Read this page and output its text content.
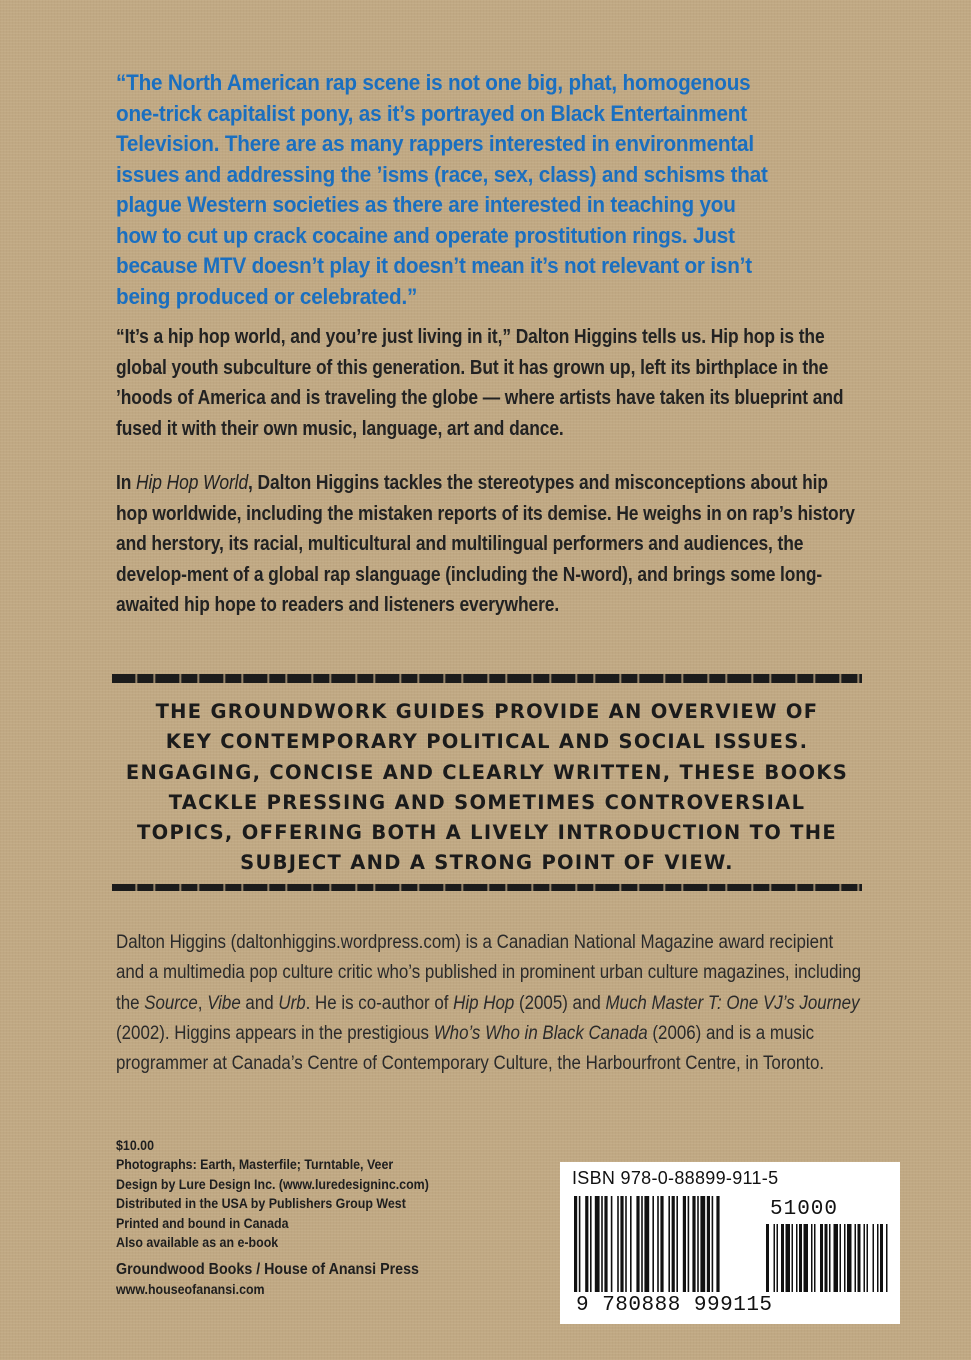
“The North American rap scene is not one big, phat, homogenous one-trick capitalist pony, as it’s portrayed on Black Entertainment Television. There are as many rappers interested in environmental issues and addressing the ’isms (race, sex, class) and schisms that plague Western societies as there are interested in teaching you how to cut up crack cocaine and operate prostitution rings. Just because MTV doesn’t play it doesn’t mean it’s not relevant or isn’t being produced or celebrated.”

“It’s a hip hop world, and you’re just living in it,” Dalton Higgins tells us. Hip hop is the global youth subculture of this generation. But it has grown up, left its birthplace in the ’hoods of America and is traveling the globe — where artists have taken its blueprint and fused it with their own music, language, art and dance.

In Hip Hop World, Dalton Higgins tackles the stereotypes and misconceptions about hip hop worldwide, including the mistaken reports of its demise. He weighs in on rap’s history and herstory, its racial, multicultural and multilingual performers and audiences, the develop-ment of a global rap slanguage (including the N-word), and brings some long-awaited hip hope to readers and listeners everywhere.

THE GROUNDWORK GUIDES PROVIDE AN OVERVIEW OF
KEY CONTEMPORARY POLITICAL AND SOCIAL ISSUES.
ENGAGING, CONCISE AND CLEARLY WRITTEN, THESE BOOKS
TACKLE PRESSING AND SOMETIMES CONTROVERSIAL
TOPICS, OFFERING BOTH A LIVELY INTRODUCTION TO THE
SUBJECT AND A STRONG POINT OF VIEW.

Dalton Higgins (daltonhiggins.wordpress.com) is a Canadian National Magazine award recipient and a multimedia pop culture critic who’s published in prominent urban culture magazines, including the Source, Vibe and Urb. He is co-author of Hip Hop (2005) and Much Master T: One VJ’s Journey (2002). Higgins appears in the prestigious Who’s Who in Black Canada (2006) and is a music programmer at Canada’s Centre of Contemporary Culture, the Harbourfront Centre, in Toronto.

$10.00
Photographs: Earth, Masterfile; Turntable, Veer
Design by Lure Design Inc. (www.luredesigninc.com)
Distributed in the USA by Publishers Group West
Printed and bound in Canada
Also available as an e-book
Groundwood Books / House of Anansi Press
www.houseofanansi.com
ISBN 978-0-88899-911-5
51000
9 780888 999115
